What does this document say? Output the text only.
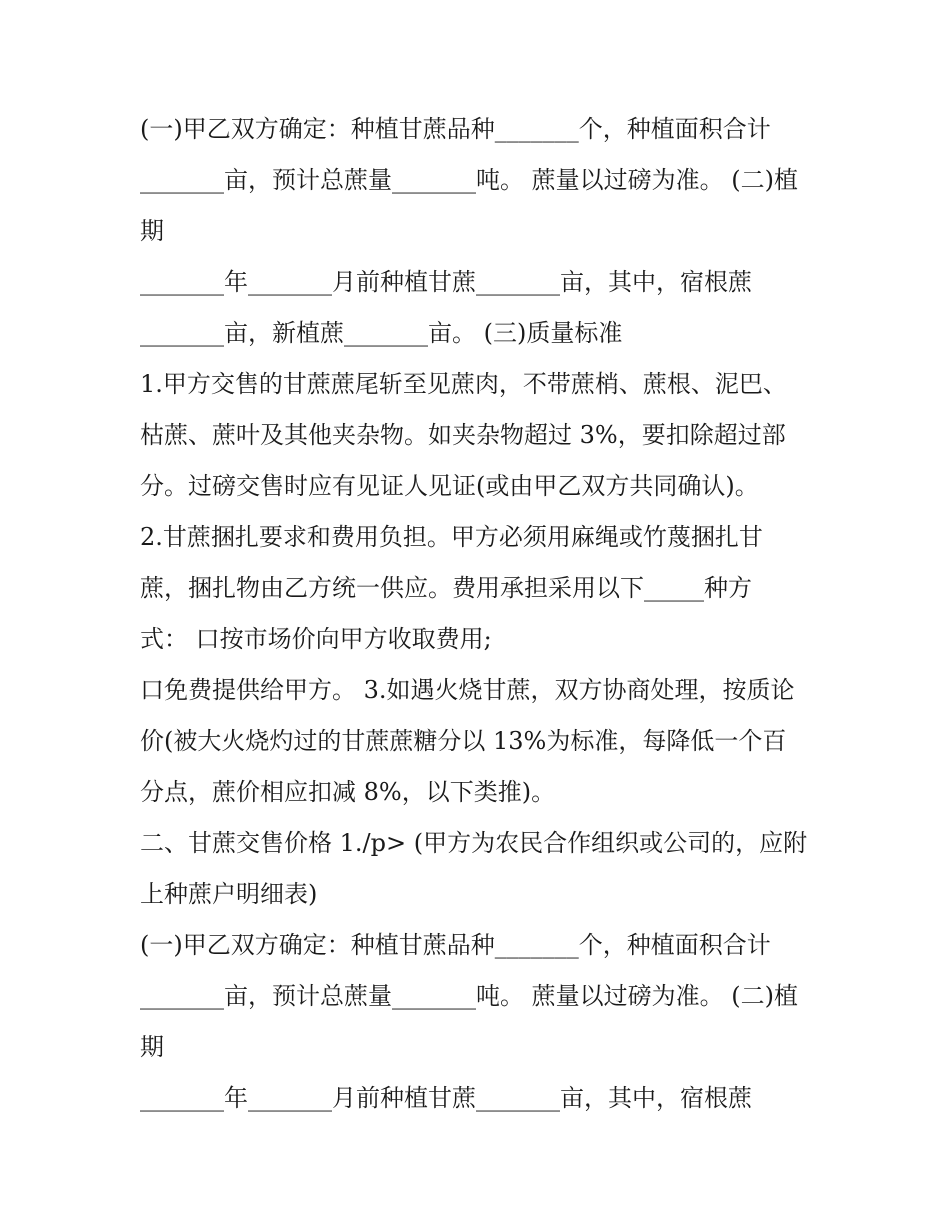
(一)甲乙双方确定：种植甘蔗品种_______个，种植面积合计
_______亩，预计总蔗量_______吨。 蔗量以过磅为准。 (二)植
期
_______年_______月前种植甘蔗_______亩，其中，宿根蔗
_______亩，新植蔗_______亩。 (三)质量标准
1.甲方交售的甘蔗蔗尾斩至见蔗肉，不带蔗梢、蔗根、泥巴、
枯蔗、蔗叶及其他夹杂物。如夹杂物超过 3%，要扣除超过部
分。过磅交售时应有见证人见证(或由甲乙双方共同确认)。
2.甘蔗捆扎要求和费用负担。甲方必须用麻绳或竹蔑捆扎甘
蔗，捆扎物由乙方统一供应。费用承担采用以下_____种方
式： 口按市场价向甲方收取费用;
口免费提供给甲方。 3.如遇火烧甘蔗，双方协商处理，按质论
价(被大火烧灼过的甘蔗蔗糖分以 13%为标准，每降低一个百
分点，蔗价相应扣减 8%，以下类推)。
二、甘蔗交售价格 1./p> (甲方为农民合作组织或公司的，应附
上种蔗户明细表)
(一)甲乙双方确定：种植甘蔗品种_______个，种植面积合计
_______亩，预计总蔗量_______吨。 蔗量以过磅为准。 (二)植
期
_______年_______月前种植甘蔗_______亩，其中，宿根蔗
